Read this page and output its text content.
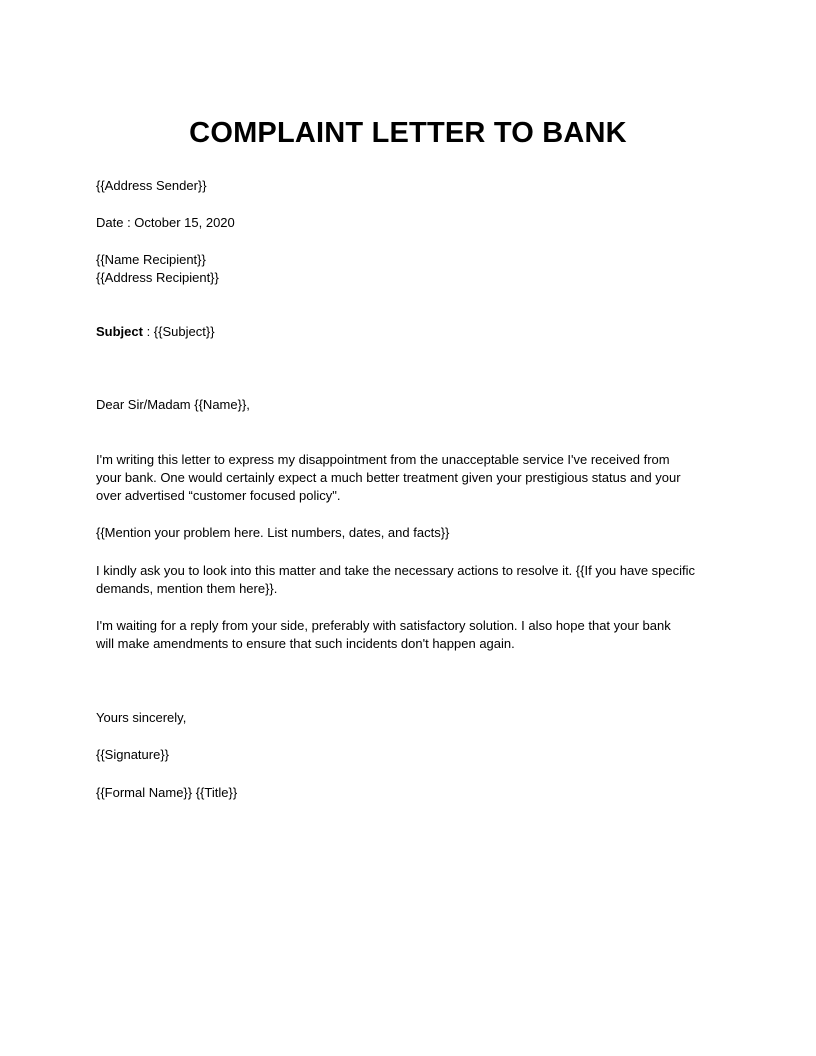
COMPLAINT LETTER TO BANK
{{Address Sender}}
Date : October 15, 2020
{{Name Recipient}}
{{Address Recipient}}
Subject : {{Subject}}
Dear Sir/Madam {{Name}},
I'm writing this letter to express my disappointment from the unacceptable service I've received from
your bank. One would certainly expect a much better treatment given your prestigious status and your
over advertised “customer focused policy".
{{Mention your problem here. List numbers, dates, and facts}}
I kindly ask you to look into this matter and take the necessary actions to resolve it. {{If you have specific
demands, mention them here}}.
I'm waiting for a reply from your side, preferably with satisfactory solution. I also hope that your bank
will make amendments to ensure that such incidents don't happen again.
Yours sincerely,
{{Signature}}
{{Formal Name}} {{Title}}
